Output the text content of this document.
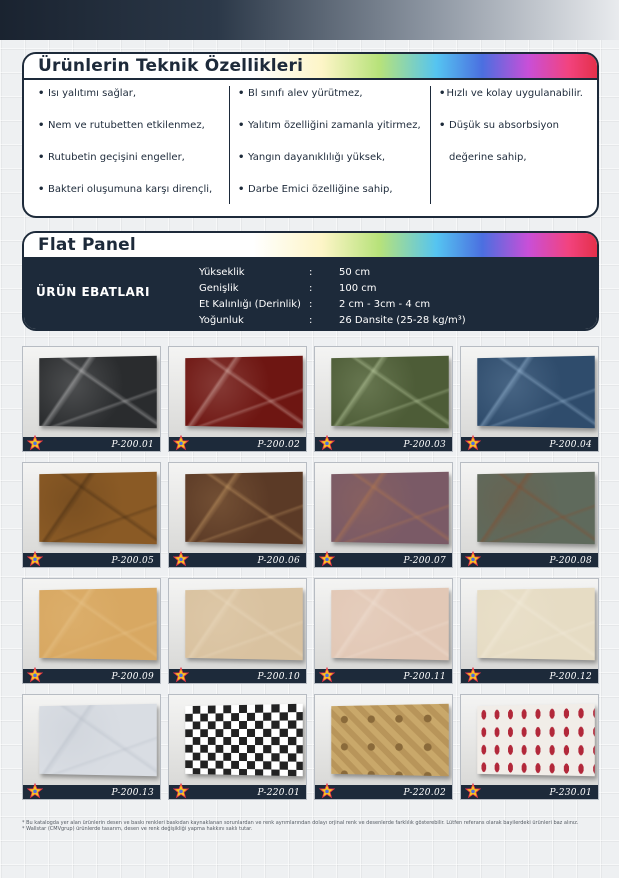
Ürünlerin Teknik Özellikleri
• Isı yalıtımı sağlar,
• Nem ve rutubetten etkilenmez,
• Rutubetin geçişini engeller,
• Bakteri oluşumuna karşı dirençli,
• Bl sınıfı alev yürütmez,
• Yalıtım özelliğini zamanla yitirmez,
• Yangın dayanıklılığı yüksek,
• Darbe Emici özelliğine sahip,
• Hızlı ve kolay uygulanabilir.
• Düşük su absorbsiyon
değerine sahip,
Flat Panel
ÜRÜN EBATLARI
Yükseklik	:	50 cm
Genişlik	:	100 cm
Et Kalınlığı (Derinlik) :	2 cm - 3cm - 4 cm
Yoğunluk	:	26 Dansite (25-28 kg/m³)
P-200.01	P-200.02	P-200.03	P-200.04
P-200.05	P-200.06	P-200.07	P-200.08
P-200.09	P-200.10	P-200.11	P-200.12
P-200.13	P-220.01	P-220.02	P-230.01
* Bu katalogda yer alan ürünlerin desen ve baskı renkleri baskıdan kaynaklanan sorunlardan ve renk ayrımlarından dolayı orjinal renk ve desenlerde farklılık gösterebilir. Lütfen referans olarak bayilerdeki ürünleri baz alınız.
* Wallstar (CMVgrup) ürünlerde tasarım, desen ve renk değişikliği yapma hakkını saklı tutar.
